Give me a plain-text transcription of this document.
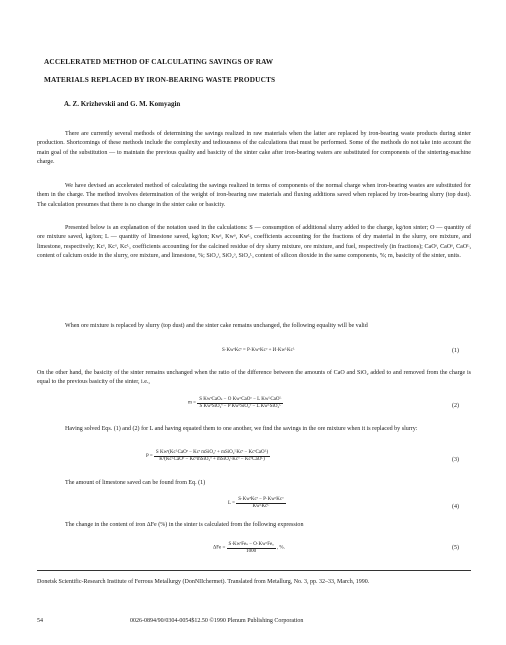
ACCELERATED METHOD OF CALCULATING SAVINGS OF RAW
MATERIALS REPLACED BY IRON-BEARING WASTE PRODUCTS
A. Z. Krizhevskii and G. M. Komyagin

There are currently several methods of determining the savings realized in raw materials when the latter are replaced by iron-bearing waste products during sinter production. Shortcomings of these methods include the complexity and tediousness of the calculations that must be performed. Some of the methods do not take into account the main goal of the substitution — to maintain the previous quality and basicity of the sinter cake after iron-bearing waters are substituted for components of the sintering-machine charge.

We have devised an accelerated method of calculating the savings realized in terms of components of the normal charge when iron-bearing wastes are substituted for them in the charge. The method involves determination of the weight of iron-bearing raw materials and fluxing additions saved when replaced by iron-bearing slurry (top dust). The calculation presumes that there is no change in the sinter cake or basicity.

Presented below is an explanation of the notation used in the calculations: S — consumption of additional slurry added to the charge, kg/ton sinter; O — quantity of ore mixture saved, kg/ton; L — quantity of limestone saved, kg/ton; Kwˢ, Kwᵒ, Kwᴸ, coefficients accounting for the fractions of dry material in the slurry, ore mixture, and limestone, respectively; Kcˢ, Kcᵒ, Kcᴸ, coefficients accounting for the calcined residue of dry slurry mixture, ore mixture, and fuel, respectively (in fractions); CaOˢ, CaOᵒ, CaOᴸ, content of calcium oxide in the slurry, ore mixture, and limestone, %; SiO₂ˢ, SiO₂ᵒ, SiO₂ᴸ, content of silicon dioxide in the same components, %; m, basicity of the sinter, units.

When ore mixture is replaced by slurry (top dust) and the sinter cake remains unchanged, the following equality will be valid

S·KwˢKcˢ = P·KwᵒKcᵒ + И·KwᴸKcᴸ	(1)

On the other hand, the basicity of the sinter remains unchanged when the ratio of the difference between the amounts of CaO and SiO₂ added to and removed from the charge is equal to the previous basicity of the sinter, i.e.,

$m = \frac{\text{S KwˢCaOₛ − O KwᵒCaOᵒ − L KwᴸCaOᴸ}}{\text{S KwˢSiO₂ˢ − P KwᵒSiO₂ᵒ − L KwᴸSiO₂ᴸ}}$	(2)

Having solved Eqs. (1) and (2) for L and having equated them to one another, we find the savings in the ore mixture when it is replaced by slurry:

$P = \frac{\text{S Kwˢ(KcᴸCaOˢ − Kcˢ mSiO₂ˢ + mSiO₂ᴸKcˢ − KcˢCaOᴸ)}}{\text{Kᵒ(KcᴸCaOᵒ − KcᵒmSiO₂ᵒ + mSiO₂ᴸKcᵒ − KcᵒCaOᴸ)}}$	(3)

The amount of limestone saved can be found from Eq. (1)

$L = \frac{\text{S·KwˢKcˢ − P·KwᵒKcᵒ}}{\text{KwᴸKcᴸ}}$	(4)

The change in the content of iron ΔFe (%) in the sinter is calculated from the following expression

$\Delta Fe = \frac{\text{S·KwˢFeₛ − O·KwᵒFeₒ}}{1000}$ , %.	(5)

Donetsk Scientific-Research Institute of Ferrous Metallurgy (DonNIIchermet). Translated from Metallurg, No. 3, pp. 32–33, March, 1990.

54	0026-0894/90/0304-0054$12.50 ©1990 Plenum Publishing Corporation
